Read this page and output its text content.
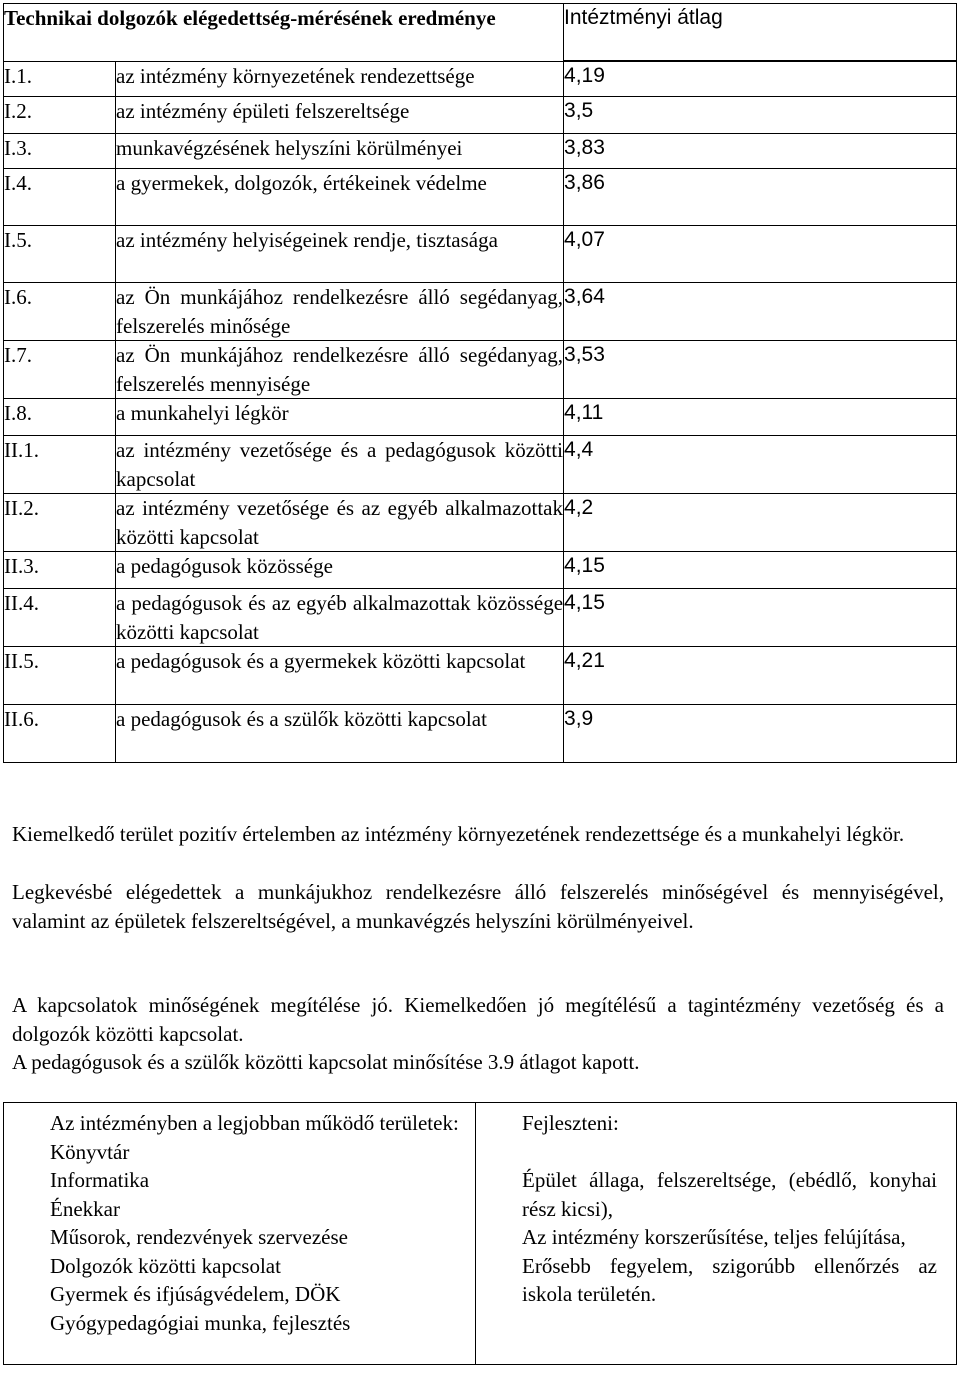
Technikai dolgozók elégedettség-mérésének eredménye		Intéztményi átlag

I.1.	az intézmény környezetének rendezettsége	4,19
I.2.	az intézmény épületi felszereltsége	3,5
I.3.	munkavégzésének helyszíni körülményei	3,83
I.4.	a gyermekek, dolgozók, értékeinek védelme	3,86
I.5.	az intézmény helyiségeinek rendje, tisztasága	4,07
I.6.	az Ön munkájához rendelkezésre álló segédanyag, felszerelés minősége	3,64
I.7.	az Ön munkájához rendelkezésre álló segédanyag, felszerelés mennyisége	3,53
I.8.	a munkahelyi légkör	4,11
II.1.	az intézmény vezetősége és a pedagógusok közötti kapcsolat	4,4
II.2.	az intézmény vezetősége és az egyéb alkalmazottak közötti kapcsolat	4,2
II.3.	a pedagógusok közössége	4,15
II.4.	a pedagógusok és az egyéb alkalmazottak közössége közötti kapcsolat	4,15
II.5.	a pedagógusok és a gyermekek közötti kapcsolat	4,21
II.6.	a pedagógusok és a szülők közötti kapcsolat	3,9
Kiemelkedő terület pozitív értelemben az intézmény környezetének rendezettsége és a munkahelyi légkör.
Legkevésbé elégedettek a munkájukhoz rendelkezésre álló felszerelés minőségével és mennyiségével, valamint az épületek felszereltségével, a munkavégzés helyszíni körülményeivel.
A kapcsolatok minőségének megítélése jó. Kiemelkedően jó megítélésű a tagintézmény vezetőség és a dolgozók közötti kapcsolat.
A pedagógusok és a szülők közötti kapcsolat minősítése 3.9 átlagot kapott.
Az intézményben a legjobban működő területek:
Könyvtár
Informatika
Énekkar
Műsorok, rendezvények szervezése
Dolgozók közötti kapcsolat
Gyermek és ifjúságvédelem, DÖK
Gyógypedagógiai munka, fejlesztés

Fejleszteni:
Épület állaga, felszereltsége, (ebédlő, konyhai rész kicsi),
Az intézmény korszerűsítése, teljes felújítása,
Erősebb fegyelem, szigorúbb ellenőrzés az iskola területén.
